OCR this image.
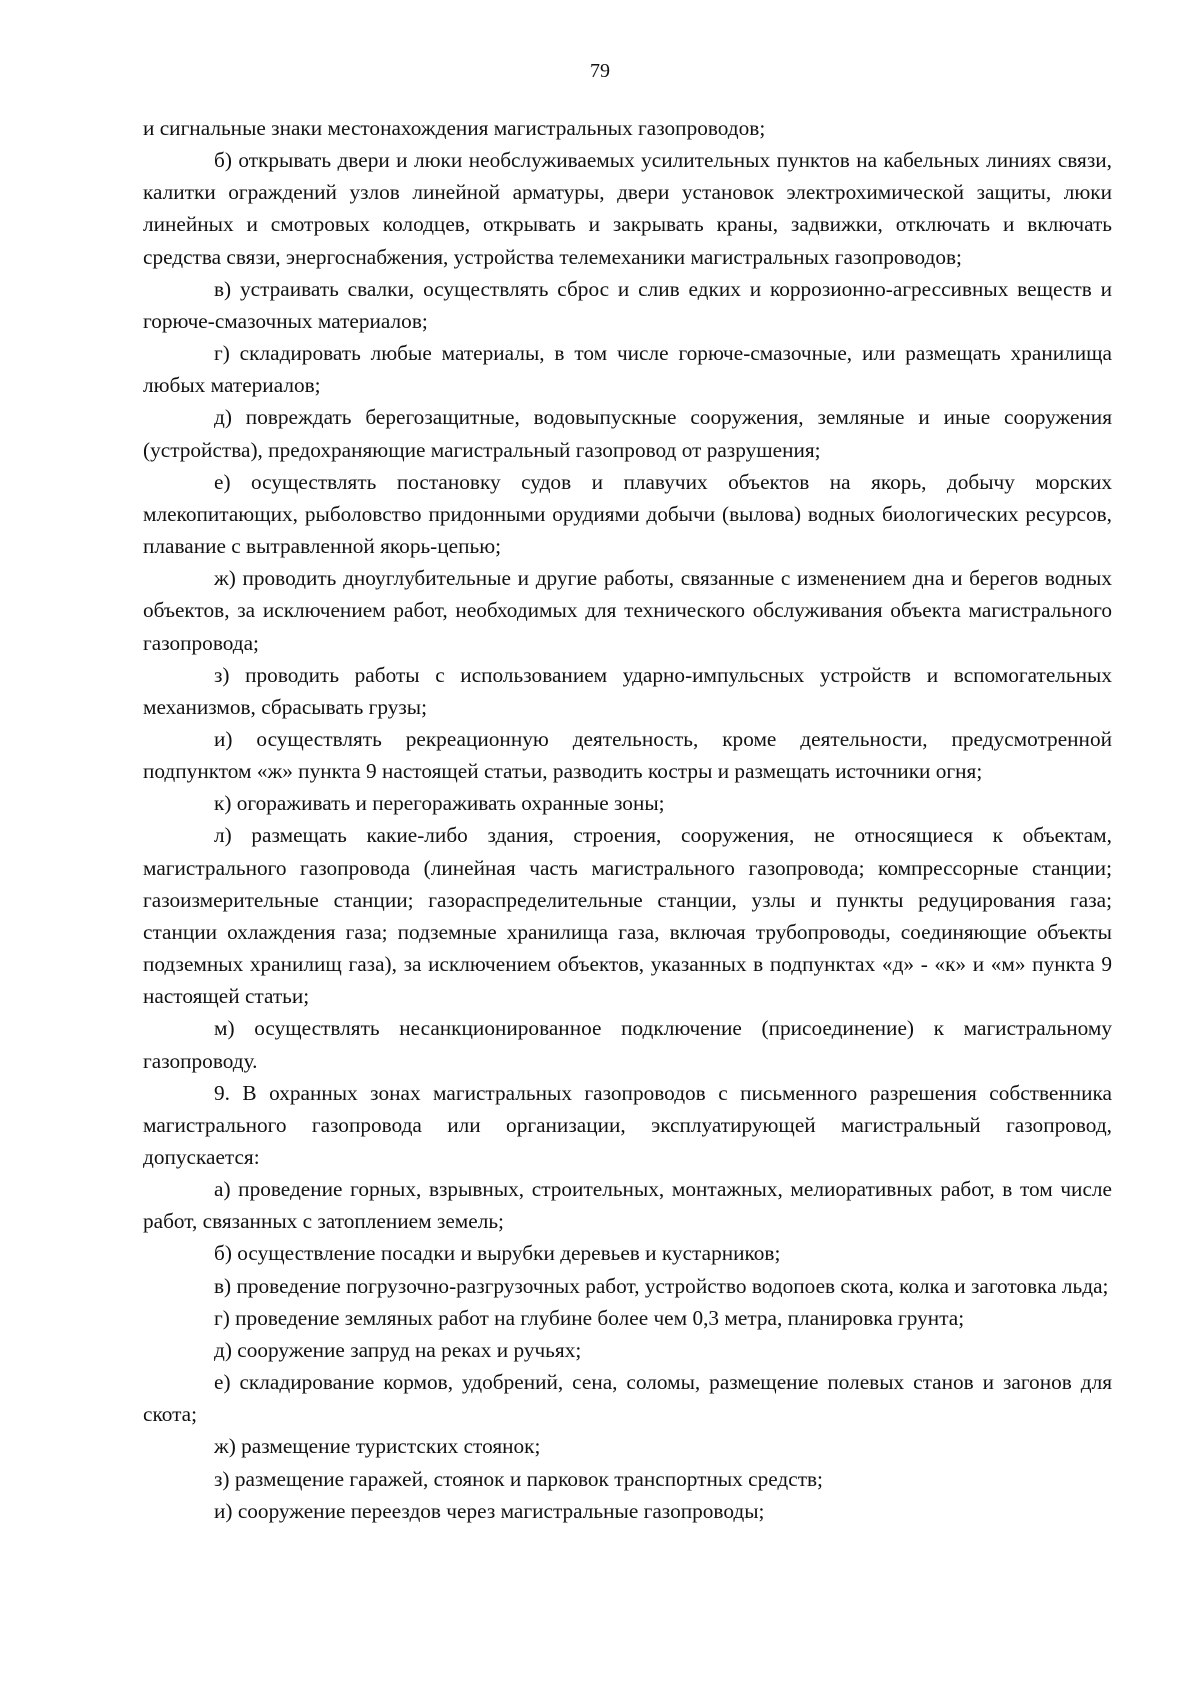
79

и сигнальные знаки местонахождения магистральных газопроводов;

б) открывать двери и люки необслуживаемых усилительных пунктов на кабельных линиях связи, калитки ограждений узлов линейной арматуры, двери установок электрохимической защиты, люки линейных и смотровых колодцев, открывать и закрывать краны, задвижки, отключать и включать средства связи, энергоснабжения, устройства телемеханики магистральных газопроводов;

в) устраивать свалки, осуществлять сброс и слив едких и коррозионно-агрессивных веществ и горюче-смазочных материалов;

г) складировать любые материалы, в том числе горюче-смазочные, или размещать хранилища любых материалов;

д) повреждать берегозащитные, водовыпускные сооружения, земляные и иные сооружения (устройства), предохраняющие магистральный газопровод от разрушения;

е) осуществлять постановку судов и плавучих объектов на якорь, добычу морских млекопитающих, рыболовство придонными орудиями добычи (вылова) водных биологических ресурсов, плавание с вытравленной якорь-цепью;

ж) проводить дноуглубительные и другие работы, связанные с изменением дна и берегов водных объектов, за исключением работ, необходимых для технического обслуживания объекта магистрального газопровода;

з) проводить работы с использованием ударно-импульсных устройств и вспомогательных механизмов, сбрасывать грузы;

и) осуществлять рекреационную деятельность, кроме деятельности, предусмотренной подпунктом «ж» пункта 9 настоящей статьи, разводить костры и размещать источники огня;

к) огораживать и перегораживать охранные зоны;

л) размещать какие-либо здания, строения, сооружения, не относящиеся к объектам, магистрального газопровода (линейная часть магистрального газопровода; компрессорные станции; газоизмерительные станции; газораспределительные станции, узлы и пункты редуцирования газа; станции охлаждения газа; подземные хранилища газа, включая трубопроводы, соединяющие объекты подземных хранилищ газа), за исключением объектов, указанных в подпунктах «д» - «к» и «м» пункта 9 настоящей статьи;

м) осуществлять несанкционированное подключение (присоединение) к магистральному газопроводу.

9. В охранных зонах магистральных газопроводов с письменного разрешения собственника магистрального газопровода или организации, эксплуатирующей магистральный газопровод, допускается:

а) проведение горных, взрывных, строительных, монтажных, мелиоративных работ, в том числе работ, связанных с затоплением земель;

б) осуществление посадки и вырубки деревьев и кустарников;

в) проведение погрузочно-разгрузочных работ, устройство водопоев скота, колка и заготовка льда;

г) проведение земляных работ на глубине более чем 0,3 метра, планировка грунта;

д) сооружение запруд на реках и ручьях;

е) складирование кормов, удобрений, сена, соломы, размещение полевых станов и загонов для скота;

ж) размещение туристских стоянок;

з) размещение гаражей, стоянок и парковок транспортных средств;

и) сооружение переездов через магистральные газопроводы;
